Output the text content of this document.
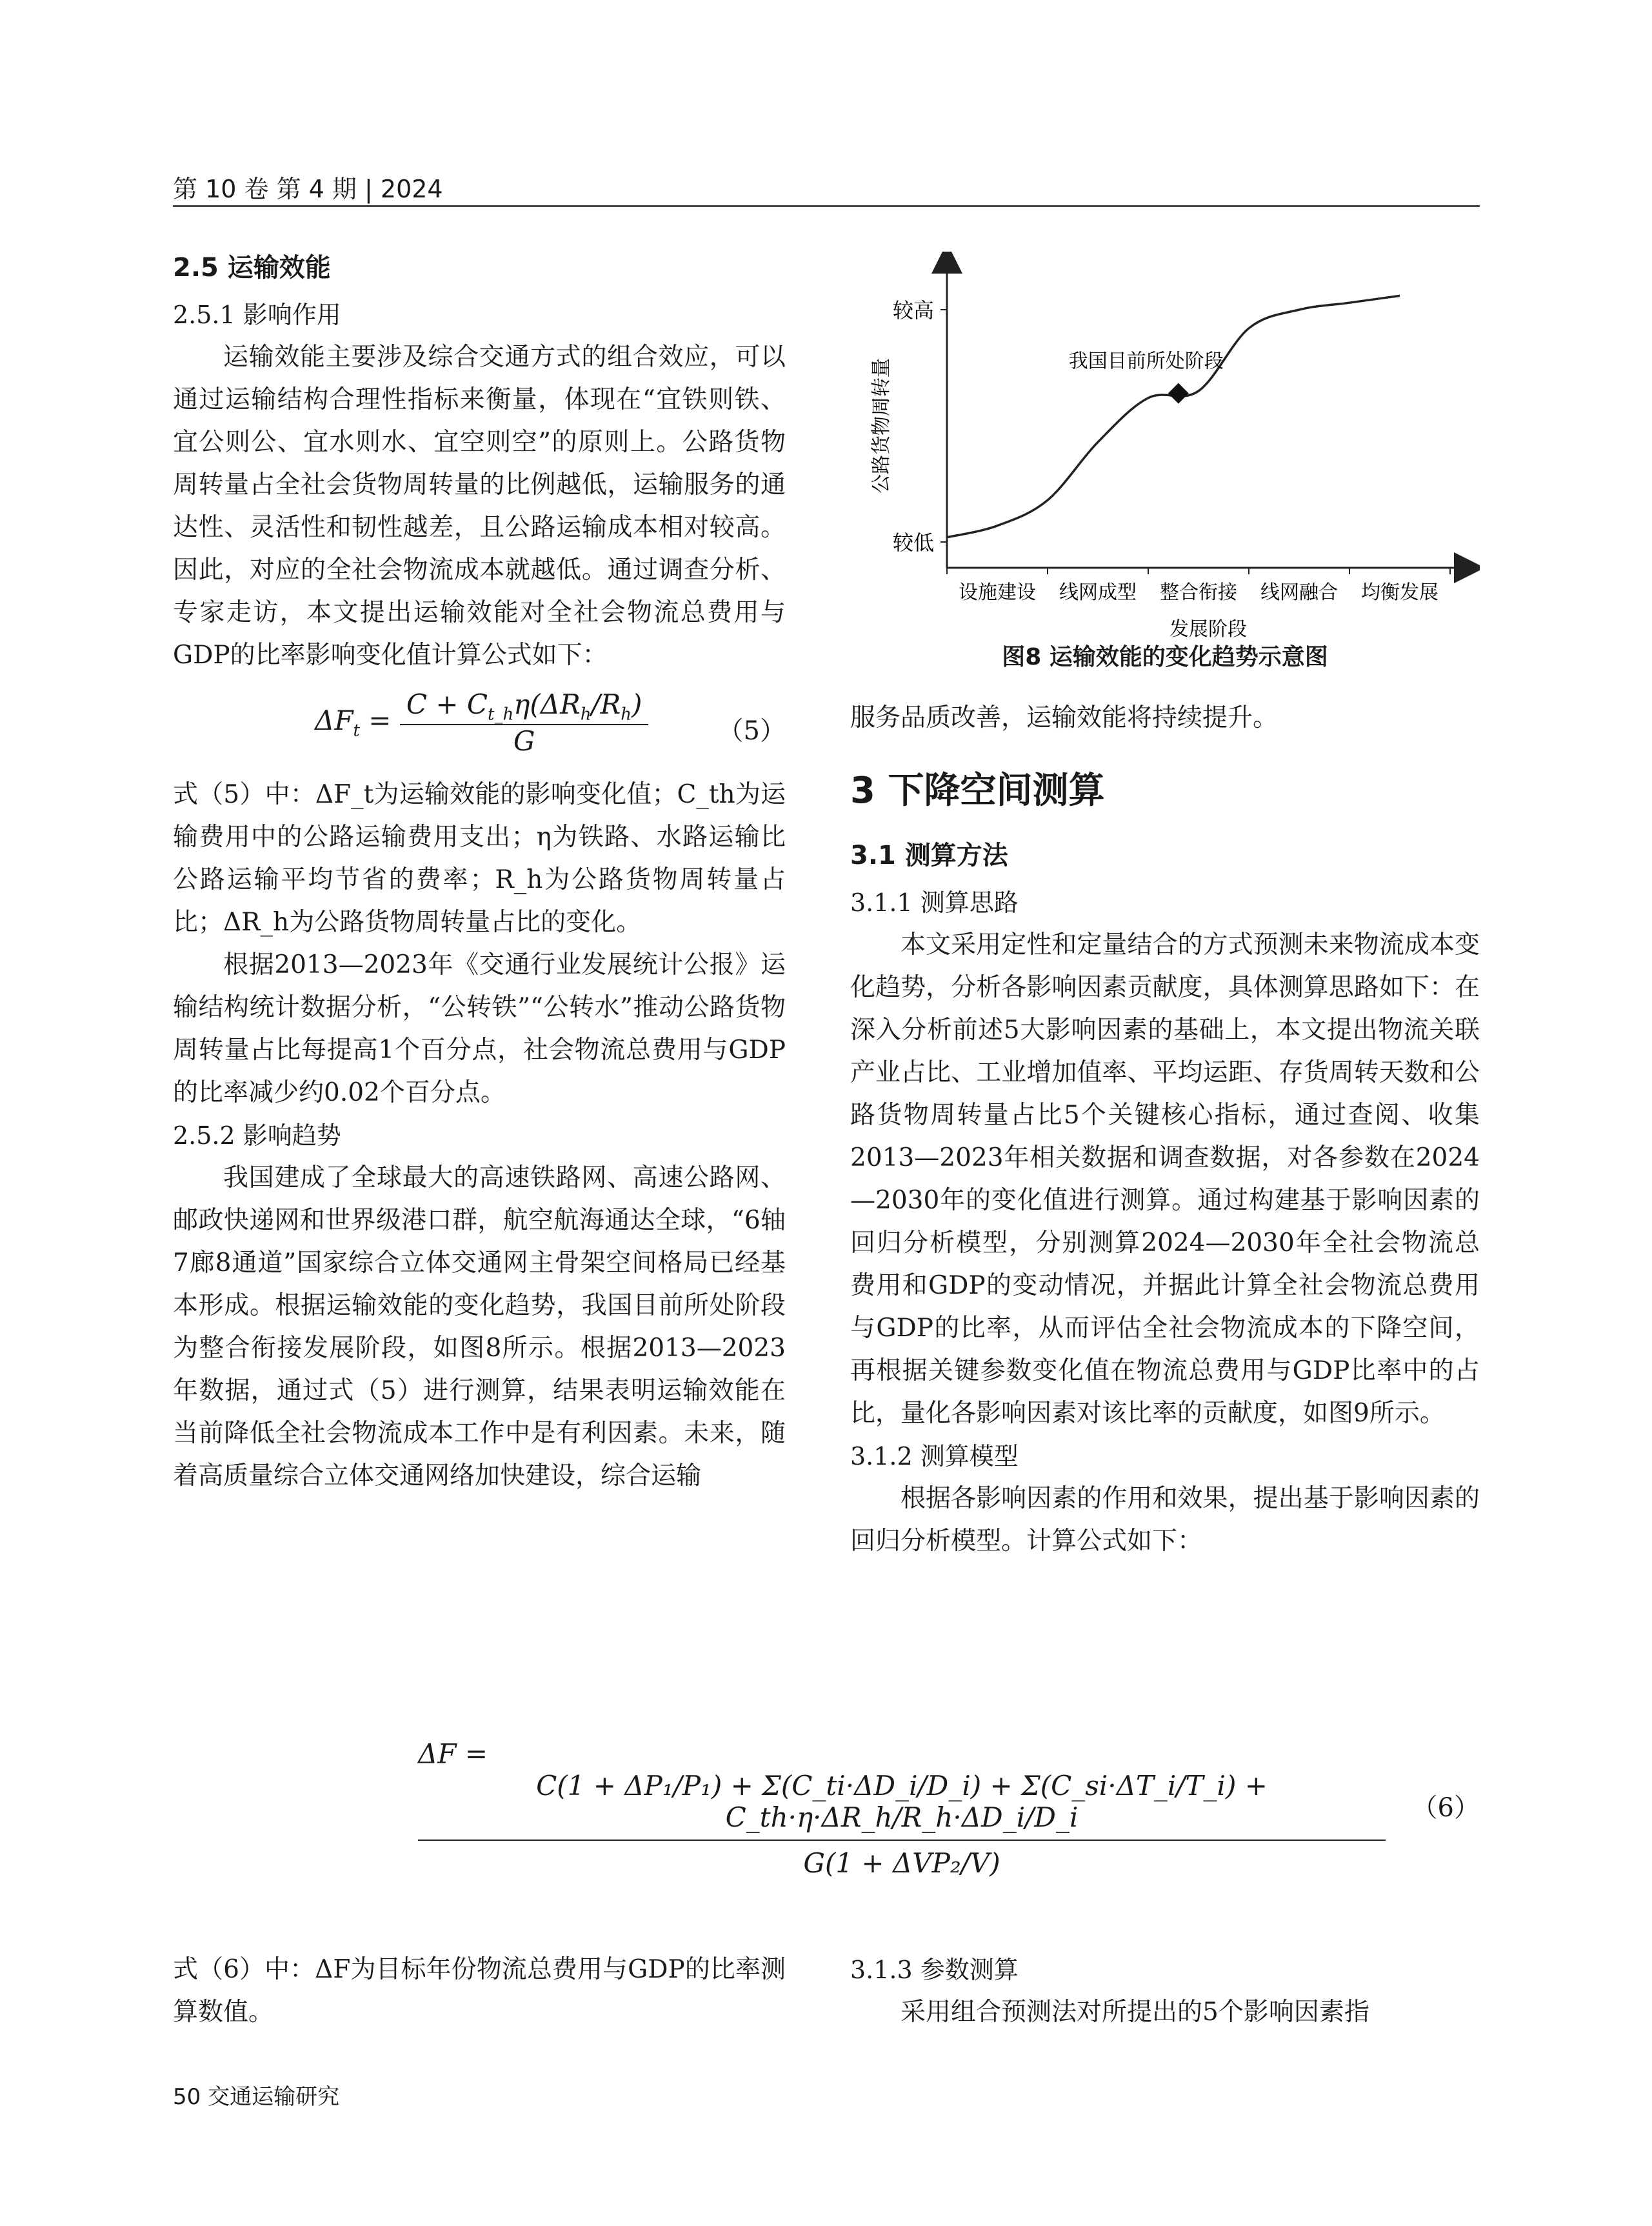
第 10 卷 第 4 期 | 2024
2.5 运输效能
2.5.1 影响作用

运输效能主要涉及综合交通方式的组合效应，可以通过运输结构合理性指标来衡量，体现在“宜铁则铁、宜公则公、宜水则水、宜空则空”的原则上。公路货物周转量占全社会货物周转量的比例越低，运输服务的通达性、灵活性和韧性越差，且公路运输成本相对较高。因此，对应的全社会物流成本就越低。通过调查分析、专家走访，本文提出运输效能对全社会物流总费用与GDP的比率影响变化值计算公式如下：

$\Delta F_t = \frac{C + C_{t\_h}\eta(\Delta R_h/R_h)}{G}$	（5）

式（5）中：ΔF_t为运输效能的影响变化值；C_th为运输费用中的公路运输费用支出；η为铁路、水路运输比公路运输平均节省的费率；R_h为公路货物周转量占比；ΔR_h为公路货物周转量占比的变化。

根据2013—2023年《交通行业发展统计公报》运输结构统计数据分析，“公转铁”“公转水”推动公路货物周转量占比每提高1个百分点，社会物流总费用与GDP的比率减少约0.02个百分点。

2.5.2 影响趋势

我国建成了全球最大的高速铁路网、高速公路网、邮政快递网和世界级港口群，航空航海通达全球，“6轴7廊8通道”国家综合立体交通网主骨架空间格局已经基本形成。根据运输效能的变化趋势，我国目前所处阶段为整合衔接发展阶段，如图8所示。根据2013—2023年数据，通过式（5）进行测算，结果表明运输效能在当前降低全社会物流成本工作中是有利因素。未来，随着高质量综合立体交通网络加快建设，综合运输

较高
较低
公路货物周转量
设施建设 线网成型 整合衔接 线网融合 均衡发展
发展阶段
我国目前所处阶段
图8 运输效能的变化趋势示意图

服务品质改善，运输效能将持续提升。

3 下降空间测算
3.1 测算方法
3.1.1 测算思路

本文采用定性和定量结合的方式预测未来物流成本变化趋势，分析各影响因素贡献度，具体测算思路如下：在深入分析前述5大影响因素的基础上，本文提出物流关联产业占比、工业增加值率、平均运距、存货周转天数和公路货物周转量占比5个关键核心指标，通过查阅、收集2013—2023年相关数据和调查数据，对各参数在2024—2030年的变化值进行测算。通过构建基于影响因素的回归分析模型，分别测算2024—2030年全社会物流总费用和GDP的变动情况，并据此计算全社会物流总费用与GDP的比率，从而评估全社会物流成本的下降空间，再根据关键参数变化值在物流总费用与GDP比率中的占比，量化各影响因素对该比率的贡献度，如图9所示。

3.1.2 测算模型

根据各影响因素的作用和效果，提出基于影响因素的回归分析模型。计算公式如下：

ΔF =
C(1 + ΔP₁/P₁) + Σ(C_ti·ΔD_i/D_i) + Σ(C_si·ΔT_i/T_i) + C_th·η·ΔR_h/R_h·ΔD_i/D_i
G(1 + ΔVP₂/V)
（6）

式（6）中：ΔF为目标年份物流总费用与GDP的比率测算数值。

3.1.3 参数测算

采用组合预测法对所提出的5个影响因素指

50 交通运输研究
